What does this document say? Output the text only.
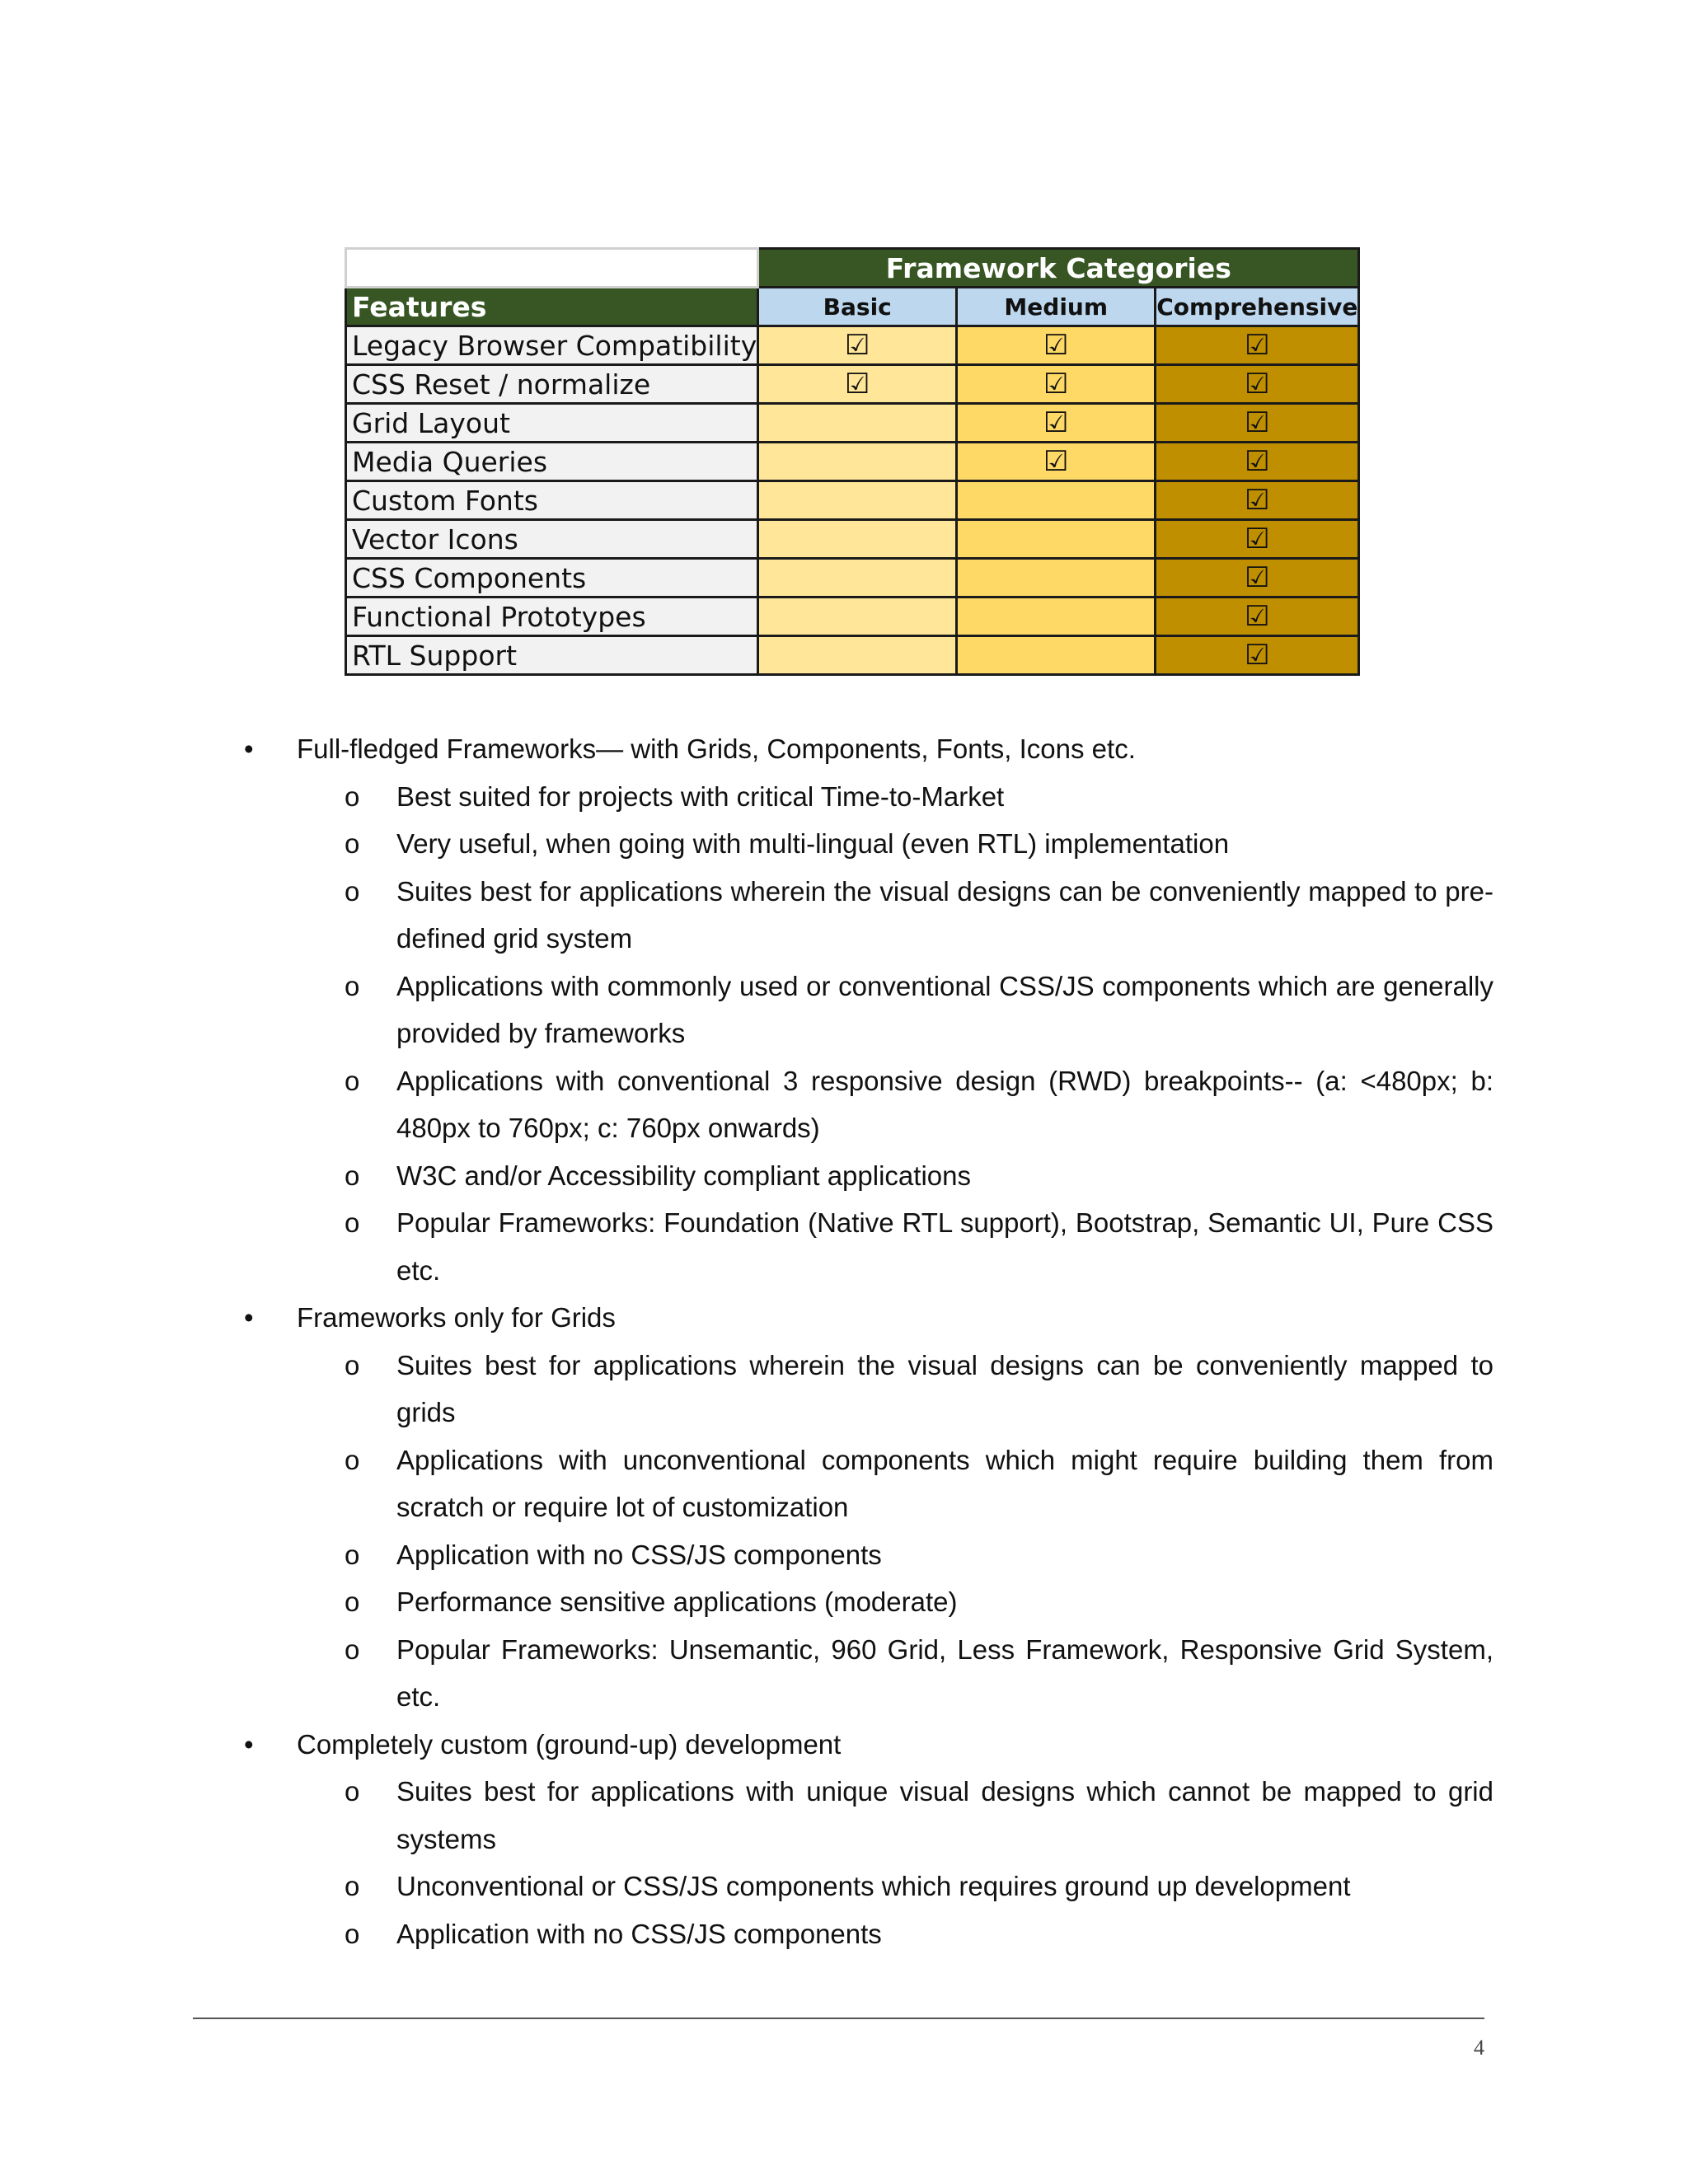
	Framework Categories		
Features	Basic	Medium	Comprehensive
Legacy Browser Compatibility	☑	☑	☑
CSS Reset / normalize	☑	☑	☑
Grid Layout		☑	☑
Media Queries		☑	☑
Custom Fonts			☑
Vector Icons			☑
CSS Components			☑
Functional Prototypes			☑
RTL Support			☑
• Full-fledged Frameworks— with Grids, Components, Fonts, Icons etc.
o Best suited for projects with critical Time-to-Market
o Very useful, when going with multi-lingual (even RTL) implementation
o Suites best for applications wherein the visual designs can be conveniently mapped to pre-defined grid system
o Applications with commonly used or conventional CSS/JS components which are generally provided by frameworks
o Applications with conventional 3 responsive design (RWD) breakpoints-- (a: <480px; b: 480px to 760px; c: 760px onwards)
o W3C and/or Accessibility compliant applications
o Popular Frameworks: Foundation (Native RTL support), Bootstrap, Semantic UI, Pure CSS etc.
• Frameworks only for Grids
o Suites best for applications wherein the visual designs can be conveniently mapped to grids
o Applications with unconventional components which might require building them from scratch or require lot of customization
o Application with no CSS/JS components
o Performance sensitive applications (moderate)
o Popular Frameworks: Unsemantic, 960 Grid, Less Framework, Responsive Grid System, etc.
• Completely custom (ground-up) development
o Suites best for applications with unique visual designs which cannot be mapped to grid systems
o Unconventional or CSS/JS components which requires ground up development
o Application with no CSS/JS components
4
